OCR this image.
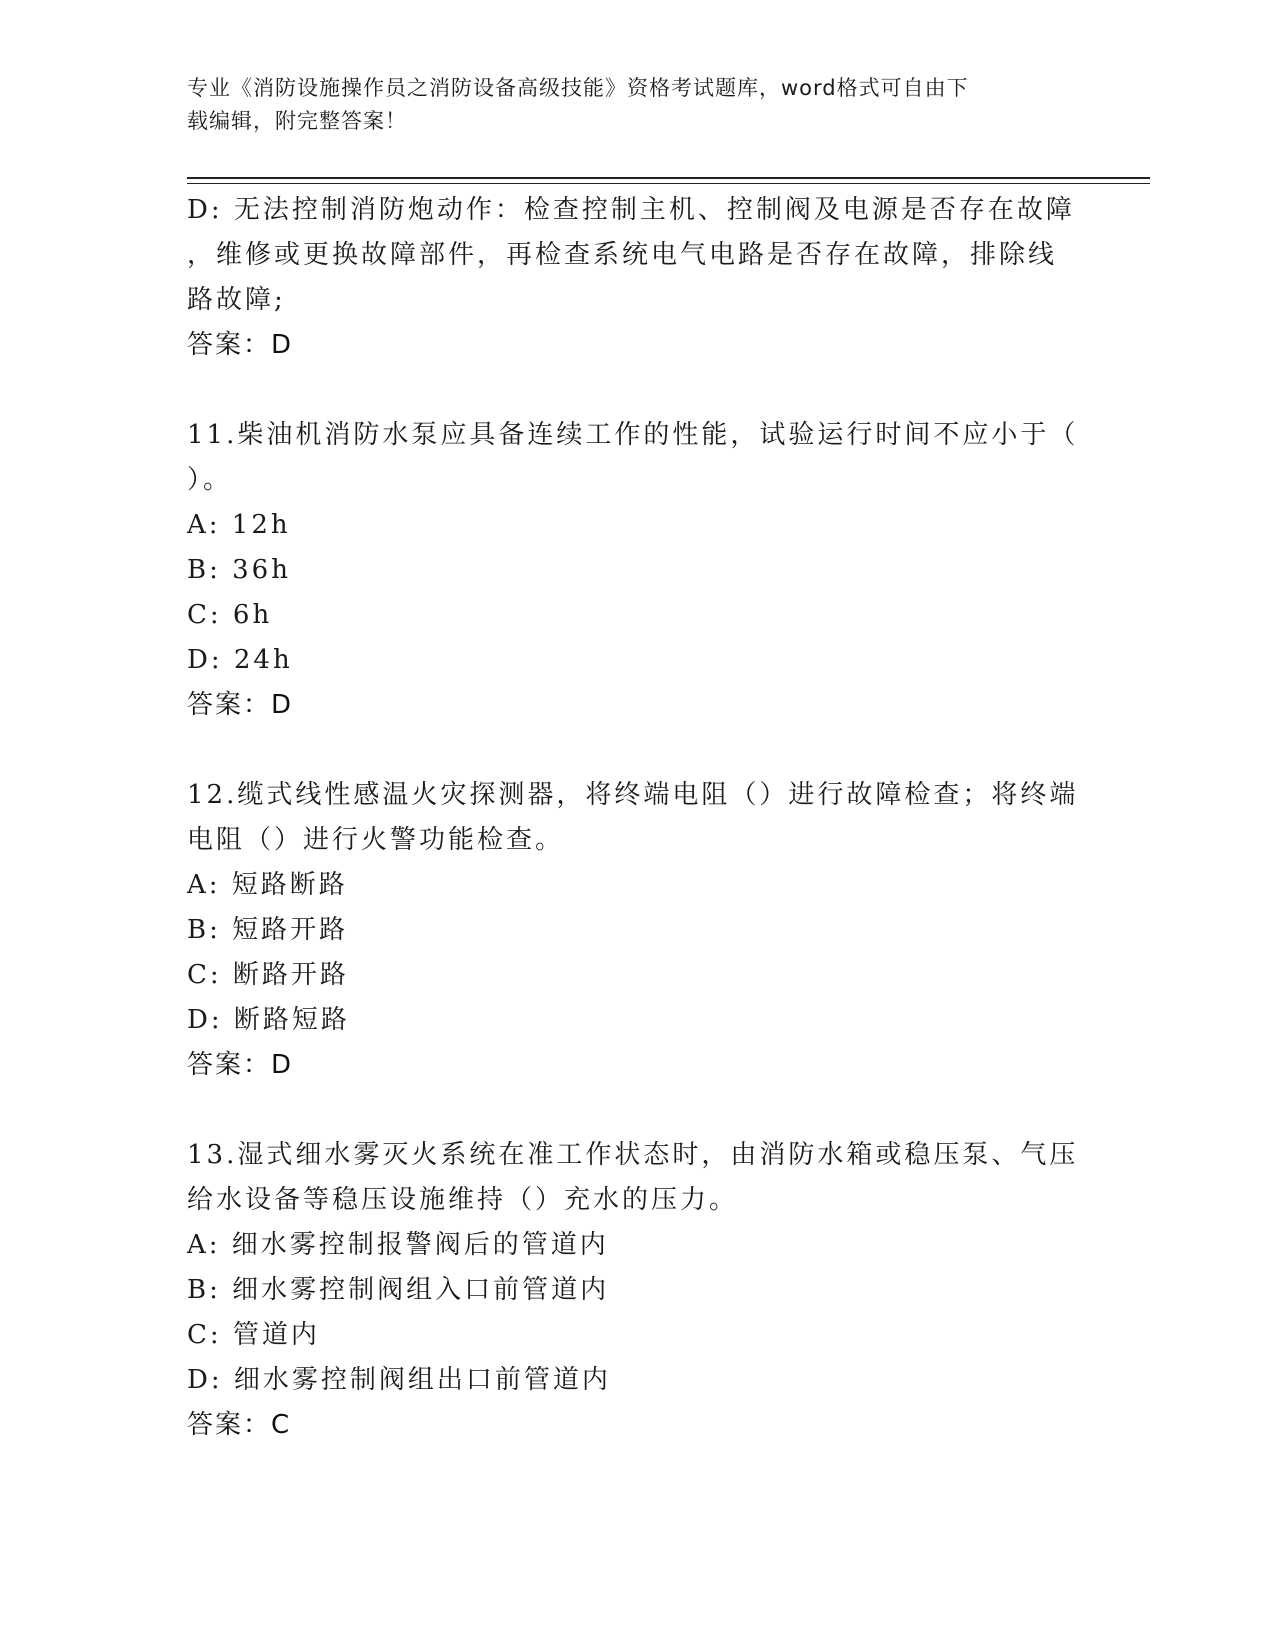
专业《消防设施操作员之消防设备高级技能》资格考试题库，word格式可自由下
载编辑，附完整答案！
D: 无法控制消防炮动作：检查控制主机、控制阀及电源是否存在故障
，维修或更换故障部件，再检查系统电气电路是否存在故障，排除线
路故障;
答案：D
11.柴油机消防水泵应具备连续工作的性能，试验运行时间不应小于（
）。
A: 12h
B: 36h
C: 6h
D: 24h
答案：D
12.缆式线性感温火灾探测器，将终端电阻（）进行故障检查；将终端
电阻（）进行火警功能检查。
A: 短路断路
B: 短路开路
C: 断路开路
D: 断路短路
答案：D
13.湿式细水雾灭火系统在准工作状态时，由消防水箱或稳压泵、气压
给水设备等稳压设施维持（）充水的压力。
A: 细水雾控制报警阀后的管道内
B: 细水雾控制阀组入口前管道内
C: 管道内
D: 细水雾控制阀组出口前管道内
答案：C
